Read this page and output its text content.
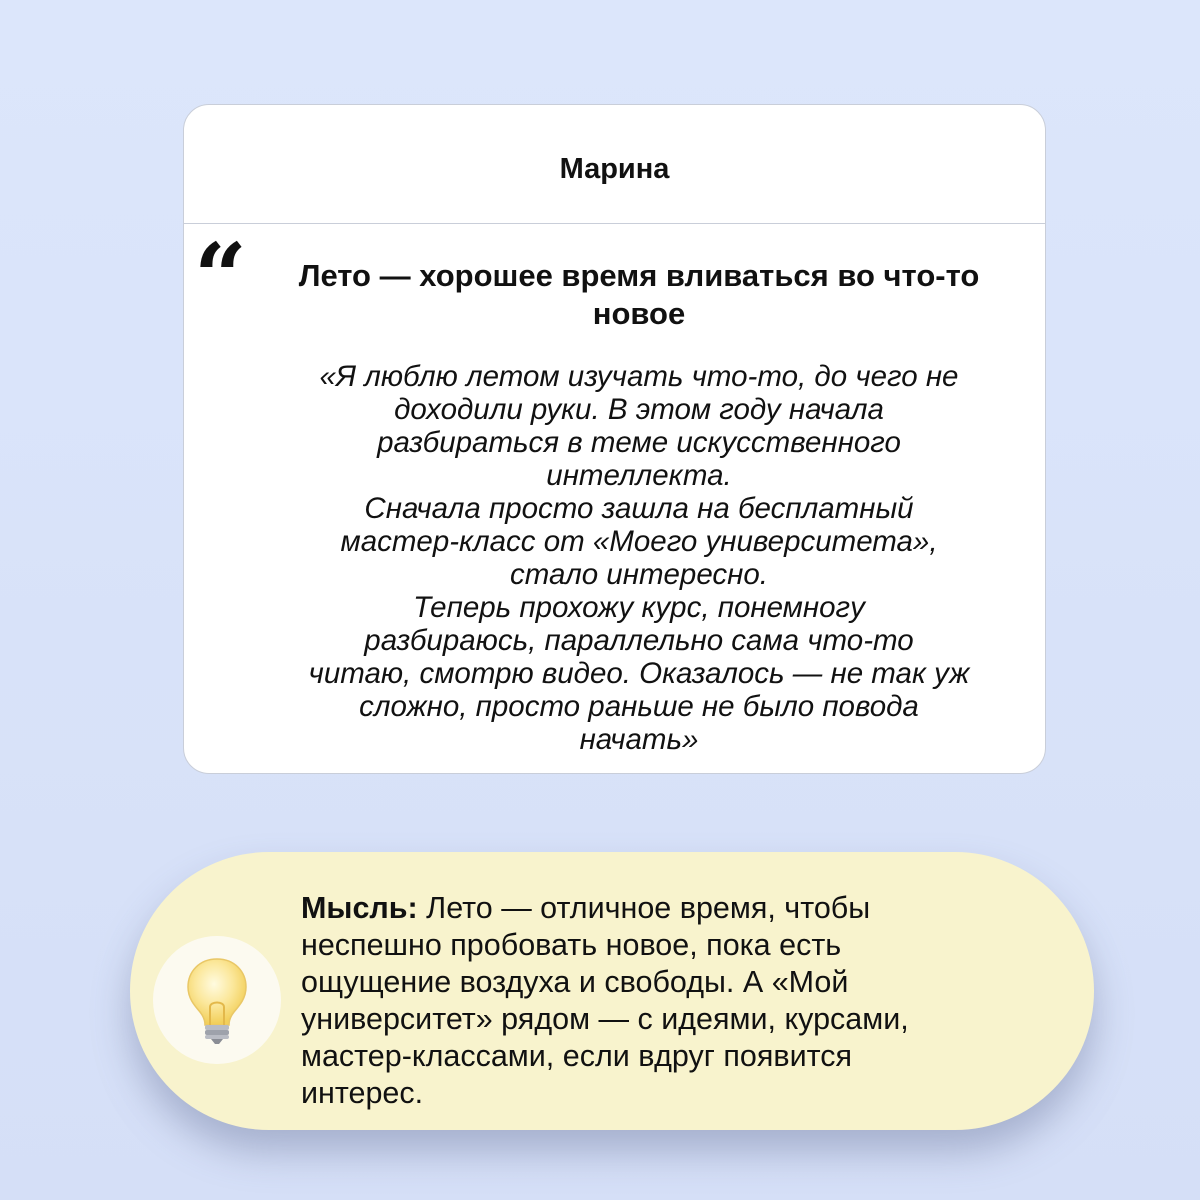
Марина
“	Лето — хорошее время вливаться во что-то
новое
«Я люблю летом изучать что-то, до чего не
доходили руки. В этом году начала
разбираться в теме искусственного
интеллекта.
Сначала просто зашла на бесплатный
мастер-класс от «Моего университета»,
стало интересно.
Теперь прохожу курс, понемногу
разбираюсь, параллельно сама что-то
читаю, смотрю видео. Оказалось — не так уж
сложно, просто раньше не было повода
начать»
Мысль: Лето — отличное время, чтобы
неспешно пробовать новое, пока есть
ощущение воздуха и свободы. А «Мой
университет» рядом — с идеями, курсами,
мастер-классами, если вдруг появится
интерес.
